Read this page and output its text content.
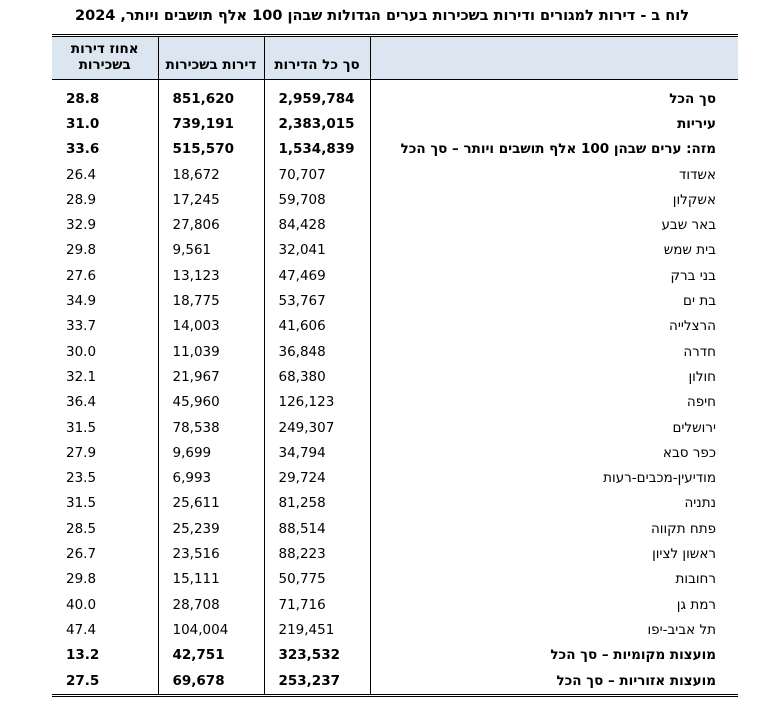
לוח ב - דירות למגורים ודירות בשכירות בערים הגדולות שבהן 100 אלף תושבים ויותר, 2024
	סך כל הדירות	דירות בשכירות	אחוז דירות בשכירות
סך הכל	2,959,784	851,620	28.8
עיריות	2,383,015	739,191	31.0
מזה: ערים שבהן 100 אלף תושבים ויותר – סך הכל	1,534,839	515,570	33.6
אשדוד	70,707	18,672	26.4
אשקלון	59,708	17,245	28.9
באר שבע	84,428	27,806	32.9
בית שמש	32,041	9,561	29.8
בני ברק	47,469	13,123	27.6
בת ים	53,767	18,775	34.9
הרצלייה	41,606	14,003	33.7
חדרה	36,848	11,039	30.0
חולון	68,380	21,967	32.1
חיפה	126,123	45,960	36.4
ירושלים	249,307	78,538	31.5
כפר סבא	34,794	9,699	27.9
מודיעין-מכבים-רעות	29,724	6,993	23.5
נתניה	81,258	25,611	31.5
פתח תקווה	88,514	25,239	28.5
ראשון לציון	88,223	23,516	26.7
רחובות	50,775	15,111	29.8
רמת גן	71,716	28,708	40.0
תל אביב-יפו	219,451	104,004	47.4
מועצות מקומיות – סך הכל	323,532	42,751	13.2
מועצות אזוריות – סך הכל	253,237	69,678	27.5
